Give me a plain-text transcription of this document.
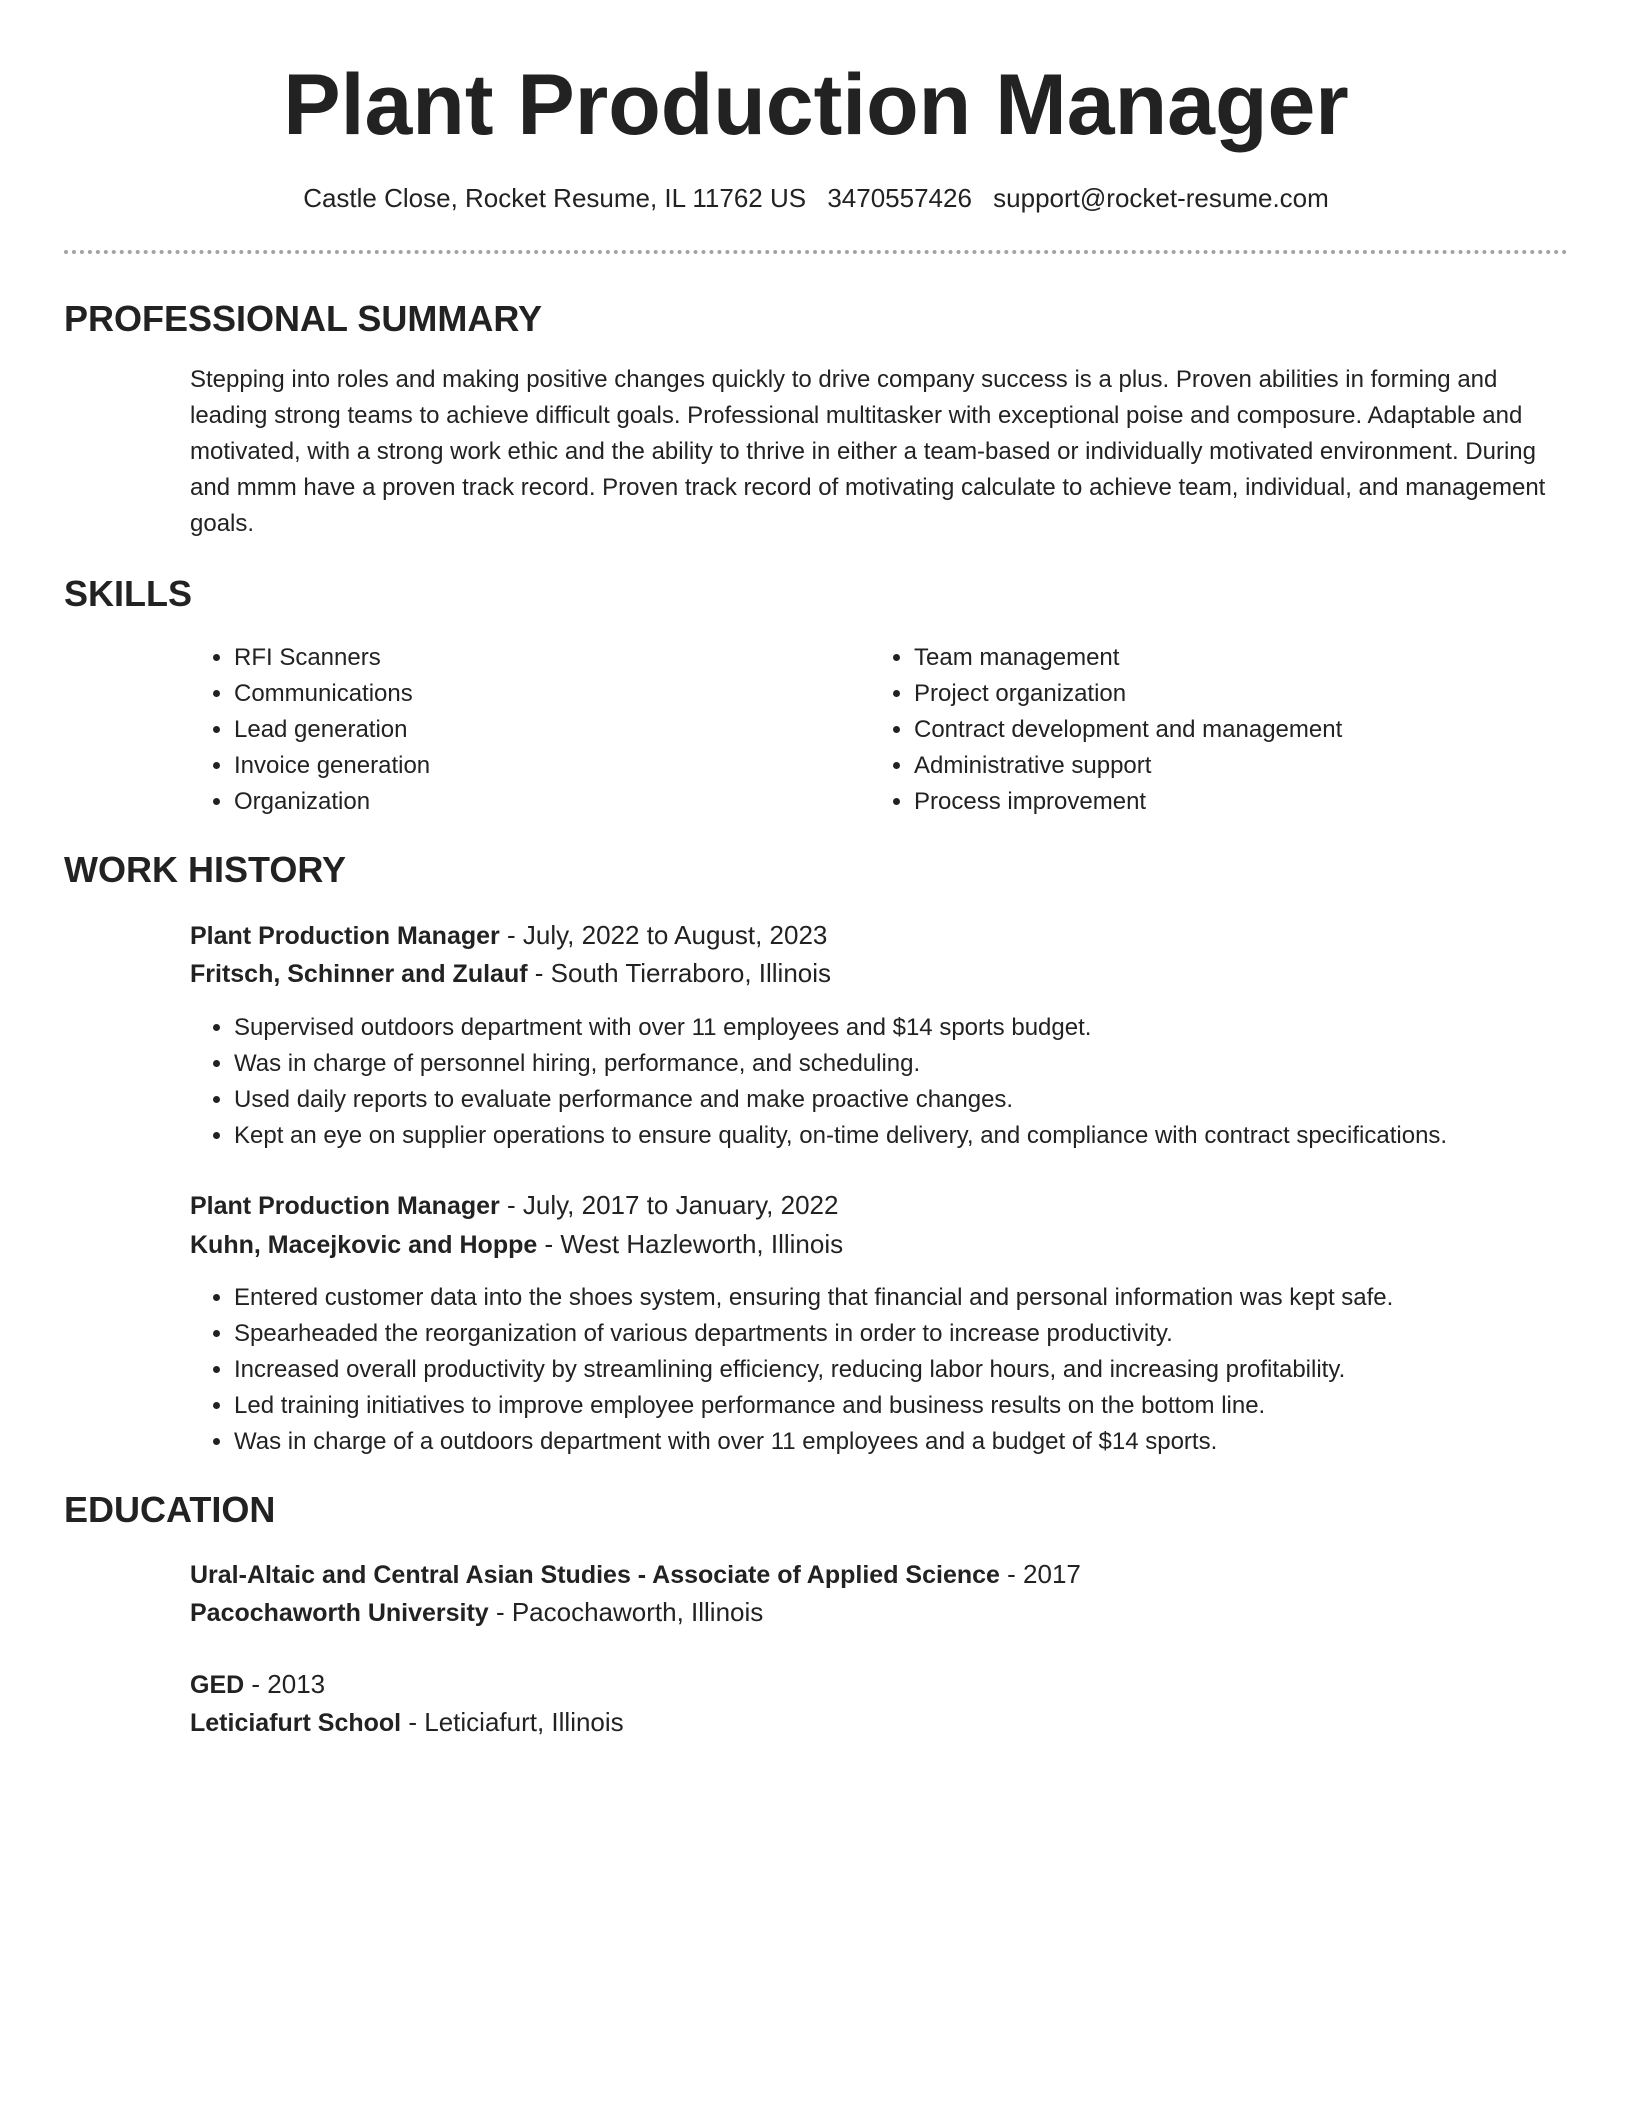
Plant Production Manager
Castle Close, Rocket Resume, IL 11762 US 3470557426 support@rocket-resume.com
PROFESSIONAL SUMMARY

Stepping into roles and making positive changes quickly to drive company success is a plus. Proven abilities in forming and leading strong teams to achieve difficult goals. Professional multitasker with exceptional poise and composure. Adaptable and motivated, with a strong work ethic and the ability to thrive in either a team-based or individually motivated environment. During and mmm have a proven track record. Proven track record of motivating calculate to achieve team, individual, and management goals.

SKILLS
• RFI Scanners
• Communications
• Lead generation
• Invoice generation
• Organization
• Team management
• Project organization
• Contract development and management
• Administrative support
• Process improvement
WORK HISTORY
Plant Production Manager - July, 2022 to August, 2023
Fritsch, Schinner and Zulauf - South Tierraboro, Illinois
• Supervised outdoors department with over 11 employees and $14 sports budget.
• Was in charge of personnel hiring, performance, and scheduling.
• Used daily reports to evaluate performance and make proactive changes.
• Kept an eye on supplier operations to ensure quality, on-time delivery, and compliance with contract specifications.
Plant Production Manager - July, 2017 to January, 2022
Kuhn, Macejkovic and Hoppe - West Hazleworth, Illinois
• Entered customer data into the shoes system, ensuring that financial and personal information was kept safe.
• Spearheaded the reorganization of various departments in order to increase productivity.
• Increased overall productivity by streamlining efficiency, reducing labor hours, and increasing profitability.
• Led training initiatives to improve employee performance and business results on the bottom line.
• Was in charge of a outdoors department with over 11 employees and a budget of $14 sports.
EDUCATION
Ural-Altaic and Central Asian Studies - Associate of Applied Science - 2017
Pacochaworth University - Pacochaworth, Illinois
GED - 2013
Leticiafurt School - Leticiafurt, Illinois
